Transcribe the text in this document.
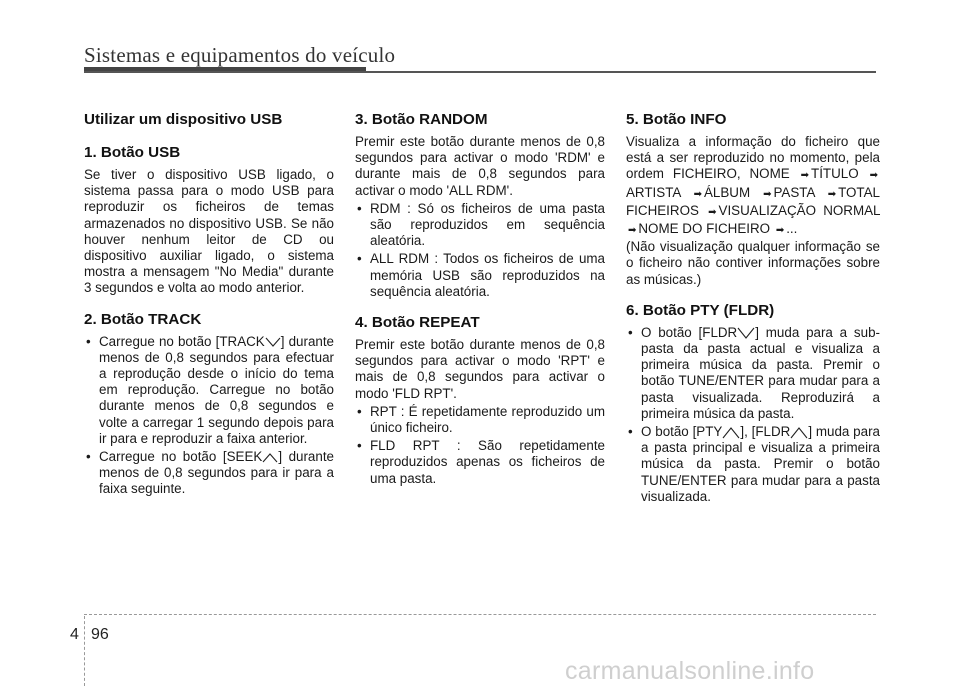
Sistemas e equipamentos do veículo
Utilizar um dispositivo USB
1. Botão USB

Se tiver o dispositivo USB ligado, o sistema passa para o modo USB para reproduzir os ficheiros de temas armazenados no dispositivo USB. Se não houver nenhum leitor de CD ou dispositivo auxiliar ligado, o sistema mostra a mensagem "No Media" durante 3 segundos e volta ao modo anterior.

2. Botão TRACK
• Carregue no botão [TRACK ] durante menos de 0,8 segundos para efectuar a reprodução desde o início do tema em reprodução. Carregue no botão durante menos de 0,8 segundos e volte a carregar 1 segundo depois para ir para e reproduzir a faixa anterior.
• Carregue no botão [SEEK ] durante menos de 0,8 segundos para ir para a faixa seguinte.
3. Botão RANDOM

Premir este botão durante menos de 0,8 segundos para activar o modo 'RDM' e durante mais de 0,8 segundos para activar o modo 'ALL RDM'.

• RDM : Só os ficheiros de uma pasta são reproduzidos em sequência aleatória.
• ALL RDM : Todos os ficheiros de uma memória USB são reproduzidos na sequência aleatória.
4. Botão REPEAT

Premir este botão durante menos de 0,8 segundos para activar o modo 'RPT' e mais de 0,8 segundos para activar o modo 'FLD RPT'.

• RPT : É repetidamente reproduzido um único ficheiro.
• FLD RPT : São repetidamente reproduzidos apenas os ficheiros de uma pasta.
5. Botão INFO

Visualiza a informação do ficheiro que está a ser reproduzido no momento, pela ordem FICHEIRO, NOME ➡ TÍTULO ➡ARTISTA ➡ ÁLBUM ➡ PASTA ➡ TOTAL FICHEIROS ➡ VISUALIZAÇÃO NORMAL ➡ NOME DO FICHEIRO ➡ ...

(Não visualização qualquer informação se o ficheiro não contiver informações sobre as músicas.)

6. Botão PTY (FLDR)
• O botão [FLDR ] muda para a sub-pasta da pasta actual e visualiza a primeira música da pasta. Premir o botão TUNE/ENTER para mudar para a pasta visualizada. Reproduzirá a primeira música da pasta.
• O botão [PTY ], [FLDR ] muda para a pasta principal e visualiza a primeira música da pasta. Premir o botão TUNE/ENTER para mudar para a pasta visualizada.
4 96
carmanualsonline.info
